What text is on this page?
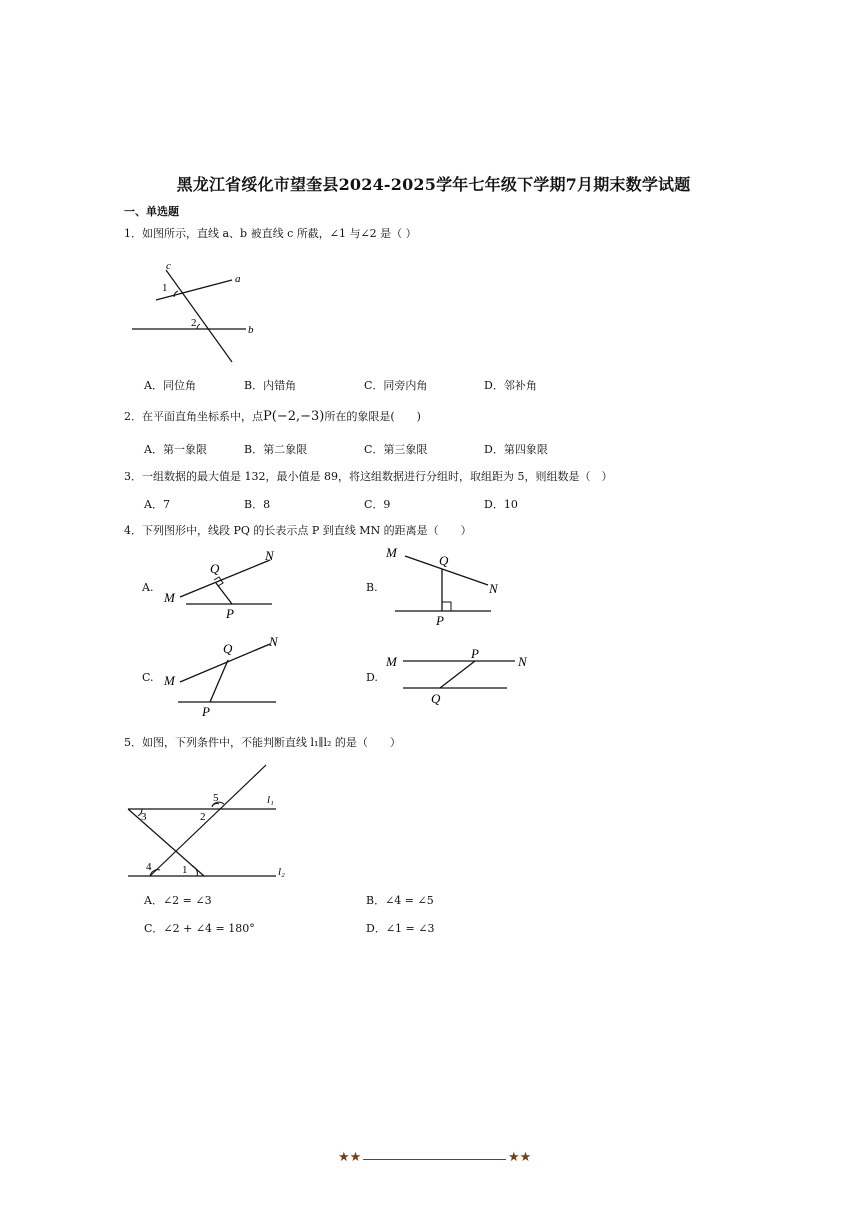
黑龙江省绥化市望奎县2024-2025学年七年级下学期7月期末数学试题
一、单选题
1．如图所示，直线 a、b 被直线 c 所截，∠1 与∠2 是（ ）
c
a
b
1
2
A．同位角	B．内错角	C．同旁内角	D．邻补角
2．在平面直角坐标系中，点P(−2,−3)所在的象限是(　　)
A．第一象限	B．第二象限	C．第三象限	D．第四象限
3．一组数据的最大值是 132，最小值是 89，将这组数据进行分组时，取组距为 5，则组数是（　）
A．7	B．8	C．9	D．10
4．下列图形中，线段 PQ 的长表示点 P 到直线 MN 的距离是（　　）
A.
M
N
Q
P
B.
M
N
Q
P
C. M
N
Q
P
D.
M	N
P
Q
5．如图，下列条件中，不能判断直线 l₁∥l₂ 的是（　　）
5
3	2
4	1
l₁
l₂
A．∠2 = ∠3	B．∠4 = ∠5
C．∠2 + ∠4 = 180°	D．∠1 = ∠3
★★	★★
